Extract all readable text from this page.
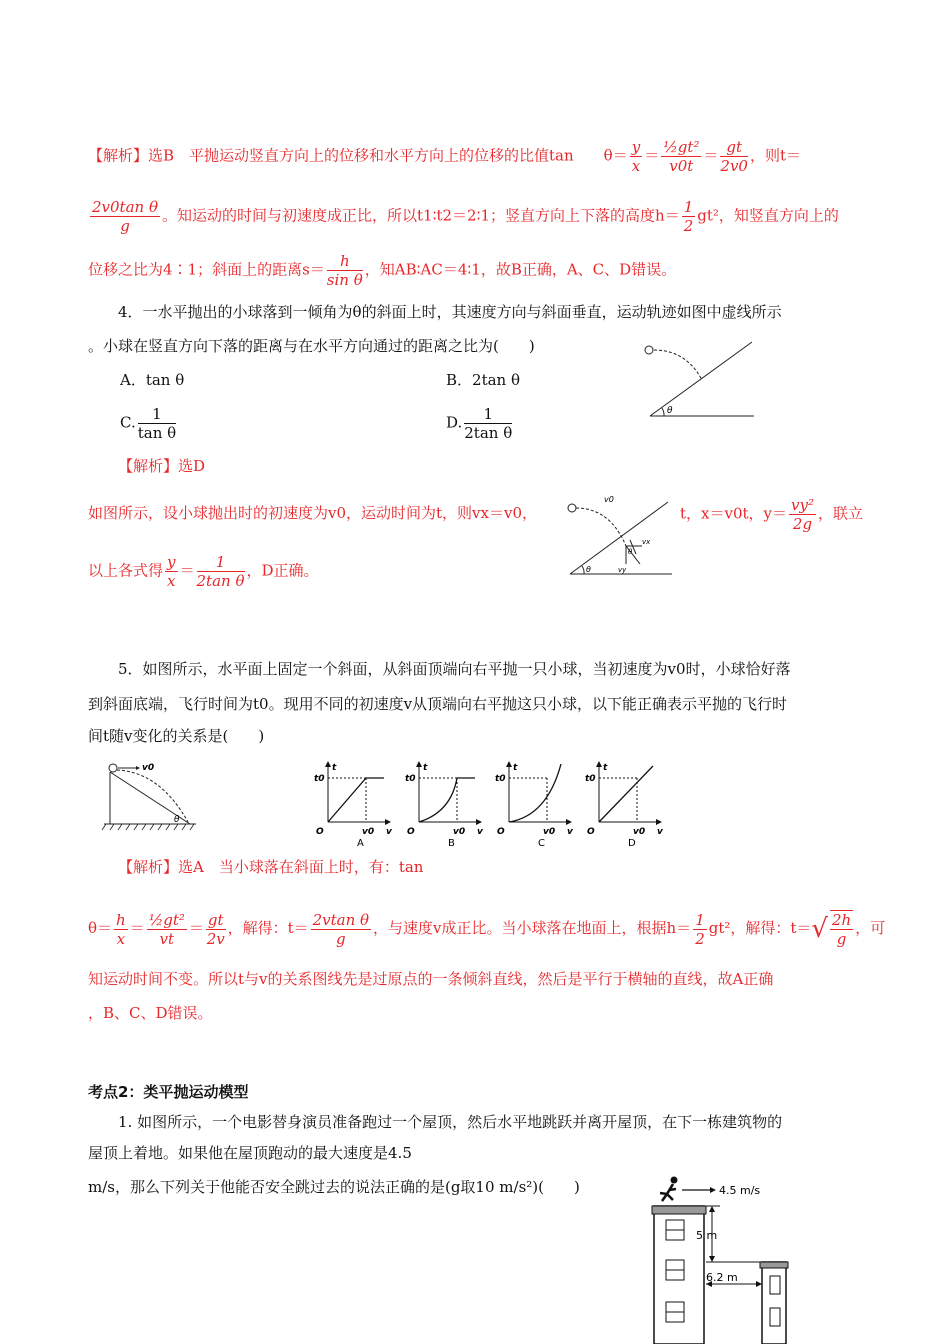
【解析】选B　平抛运动竖直方向上的位移和水平方向上的位移的比值tan　　$\theta= \frac{y}{x} = \frac{\text{½gt²}}{v0t} = \frac{gt}{2v0}$ ，则t＝
$\frac{\text{2v0tan θ}}{g}$ 。知运动的时间与初速度成正比，所以t1∶t2＝2∶1；竖直方向上下落的高度$h= \frac{1}{2} gt^2$，知竖直方向上的
位移之比为4∶1；斜面上的距离$s= \frac{h}{\text{sin θ}}$ ，知AB∶AC＝4∶1，故B正确，A、C、D错误。
4．一水平抛出的小球落到一倾角为θ的斜面上时，其速度方向与斜面垂直，运动轨迹如图中虚线所示
。小球在竖直方向下落的距离与在水平方向通过的距离之比为(　　)
A．tan θ	B．2tan θ
C. $\frac{1}{\text{tan θ}}$	D. $\frac{1}{\text{2tan θ}}$	θ
【解析】选D
如图所示，设小球抛出时的初速度为v0，运动时间为t，则vx＝v0，	t，x＝v0t，$y= \frac{\text{vy²}}{2g}$ ，联立
以上各式得 $\frac{y}{x} = \frac{1}{\text{2tan θ}}$ ，D正确。
v0
vx
vy
θ
θ
5．如图所示，水平面上固定一个斜面，从斜面顶端向右平抛一只小球，当初速度为v0时，小球恰好落
到斜面底端，飞行时间为t0。现用不同的初速度v从顶端向右平抛这只小球，以下能正确表示平抛的飞行时
间t随v变化的关系是(　　)
v0
θ
t
t0
O	v0 v
A
t
t0
O	v0 v
B
t
t0
O	v0 v
C
t
t0
O	v0 v
D
【解析】选A　当小球落在斜面上时，有：tan
$\theta= \frac{h}{x} = \frac{\text{½gt²}}{vt} = \frac{gt}{2v}$ ，解得：$t= \frac{\text{2vtan θ}}{g}$ ，与速度v成正比。当小球落在地面上，根据$h= \frac{1}{2} gt^2$，解得：$t=√ \frac{2h}{g}$ ，可
知运动时间不变。所以t与v的关系图线先是过原点的一条倾斜直线，然后是平行于横轴的直线，故A正确
，B、C、D错误。
考点2：类平抛运动模型
1. 如图所示，一个电影替身演员准备跑过一个屋顶，然后水平地跳跃并离开屋顶，在下一栋建筑物的
屋顶上着地。如果他在屋顶跑动的最大速度是4.5
m/s，那么下列关于他能否安全跳过去的说法正确的是(g取10 m/s²)(　　)	4.5 m/s
5 m
6.2 m
